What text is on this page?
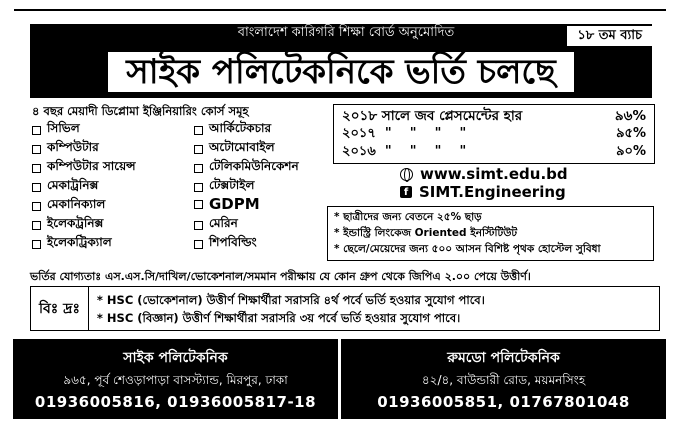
বাংলাদেশ কারিগরি শিক্ষা বোর্ড অনুমোদিত	১৮ তম ব্যাচ
সাইক পলিটেকনিকে ভর্তি চলছে
৪ বছর মেয়াদী ডিপ্লোমা ইঞ্জিনিয়ারিং কোর্স সমূহ
সিভিল
কম্পিউটার
কম্পিউটার সায়েন্স
মেকাট্রনিক্স
মেকানিক্যাল
ইলেকট্রনিক্স
ইলেকট্রিক্যাল
আর্কিটেকচার
অটোমোবাইল
টেলিকমিউনিকেশন
টেক্সটাইল
GDPM
মেরিন
শিপবিল্ডিং
২০১৮ সালে জব প্লেসমেন্টের হার	৯৬%
২০১৭  "    "    "    "	৯৫%
২০১৬  "    "    "    "	৯০%
www.simt.edu.bd
f SIMT.Engineering
* ছাত্রীদের জন্য বেতনে ২৫% ছাড়
* ইন্ডাস্ট্রি লিংকেজ Oriented ইনস্টিটিউট
* ছেলে/মেয়েদের জন্য ৫০০ আসন বিশিষ্ট পৃথক হোস্টেল সুবিধা
ভর্তির যোগ্যতাঃ এস.এস.সি/দাখিল/ভোকেশনাল/সমমান পরীক্ষায় যে কোন গ্রুপ থেকে জিপিএ ২.০০ পেয়ে উত্তীর্ণ।
বিঃ দ্রঃ
* HSC (ভোকেশনাল) উত্তীর্ণ শিক্ষার্থীরা সরাসরি ৪র্থ পর্বে ভর্তি হওয়ার সুযোগ পাবে।
* HSC (বিজ্ঞান) উত্তীর্ণ শিক্ষার্থীরা সরাসরি ৩য় পর্বে ভর্তি হওয়ার সুযোগ পাবে।
সাইক পলিটেকনিক
৯৬৫, পূর্ব শেওড়াপাড়া বাসস্ট্যান্ড, মিরপুর, ঢাকা
01936005816, 01936005817-18
রুমডো পলিটেকনিক
৪২/৪, বাউন্ডারী রোড, ময়মনসিংহ
01936005851, 01767801048
